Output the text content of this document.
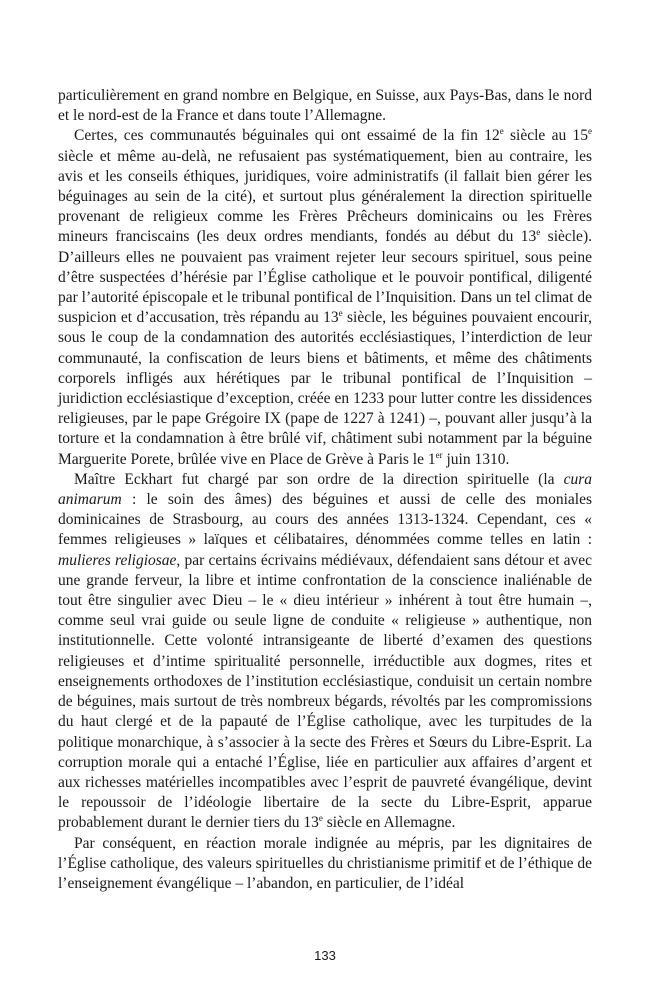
particulièrement en grand nombre en Belgique, en Suisse, aux Pays-Bas, dans le nord et le nord-est de la France et dans toute l’Allemagne.

Certes, ces communautés béguinales qui ont essaimé de la fin 12e siècle au 15e siècle et même au-delà, ne refusaient pas systématiquement, bien au contraire, les avis et les conseils éthiques, juridiques, voire administratifs (il fallait bien gérer les béguinages au sein de la cité), et surtout plus généralement la direction spirituelle provenant de religieux comme les Frères Prêcheurs dominicains ou les Frères mineurs franciscains (les deux ordres mendiants, fondés au début du 13e siècle). D’ailleurs elles ne pouvaient pas vraiment rejeter leur secours spirituel, sous peine d’être suspectées d’hérésie par l’Église catholique et le pouvoir pontifical, diligenté par l’autorité épiscopale et le tribunal pontifical de l’Inquisition. Dans un tel climat de suspicion et d’accusation, très répandu au 13e siècle, les béguines pouvaient encourir, sous le coup de la condamnation des autorités ecclésiastiques, l’interdiction de leur communauté, la confiscation de leurs biens et bâtiments, et même des châtiments corporels infligés aux hérétiques par le tribunal pontifical de l’Inquisition – juridiction ecclésiastique d’exception, créée en 1233 pour lutter contre les dissidences religieuses, par le pape Grégoire IX (pape de 1227 à 1241) –, pouvant aller jusqu’à la torture et la condamnation à être brûlé vif, châtiment subi notamment par la béguine Marguerite Porete, brûlée vive en Place de Grève à Paris le 1er juin 1310.

Maître Eckhart fut chargé par son ordre de la direction spirituelle (la cura animarum : le soin des âmes) des béguines et aussi de celle des moniales dominicaines de Strasbourg, au cours des années 1313-1324. Cependant, ces « femmes religieuses » laïques et célibataires, dénommées comme telles en latin : mulieres religiosae, par certains écrivains médiévaux, défendaient sans détour et avec une grande ferveur, la libre et intime confrontation de la conscience inaliénable de tout être singulier avec Dieu – le « dieu intérieur » inhérent à tout être humain –, comme seul vrai guide ou seule ligne de conduite « religieuse » authentique, non institutionnelle. Cette volonté intransigeante de liberté d’examen des questions religieuses et d’intime spiritualité personnelle, irréductible aux dogmes, rites et enseignements orthodoxes de l’institution ecclésiastique, conduisit un certain nombre de béguines, mais surtout de très nombreux bégards, révoltés par les compromissions du haut clergé et de la papauté de l’Église catholique, avec les turpitudes de la politique monarchique, à s’associer à la secte des Frères et Sœurs du Libre-Esprit. La corruption morale qui a entaché l’Église, liée en particulier aux affaires d’argent et aux richesses matérielles incompatibles avec l’esprit de pauvreté évangélique, devint le repoussoir de l’idéologie libertaire de la secte du Libre-Esprit, apparue probablement durant le dernier tiers du 13e siècle en Allemagne.

Par conséquent, en réaction morale indignée au mépris, par les dignitaires de l’Église catholique, des valeurs spirituelles du christianisme primitif et de l’éthique de l’enseignement évangélique – l’abandon, en particulier, de l’idéal

133
